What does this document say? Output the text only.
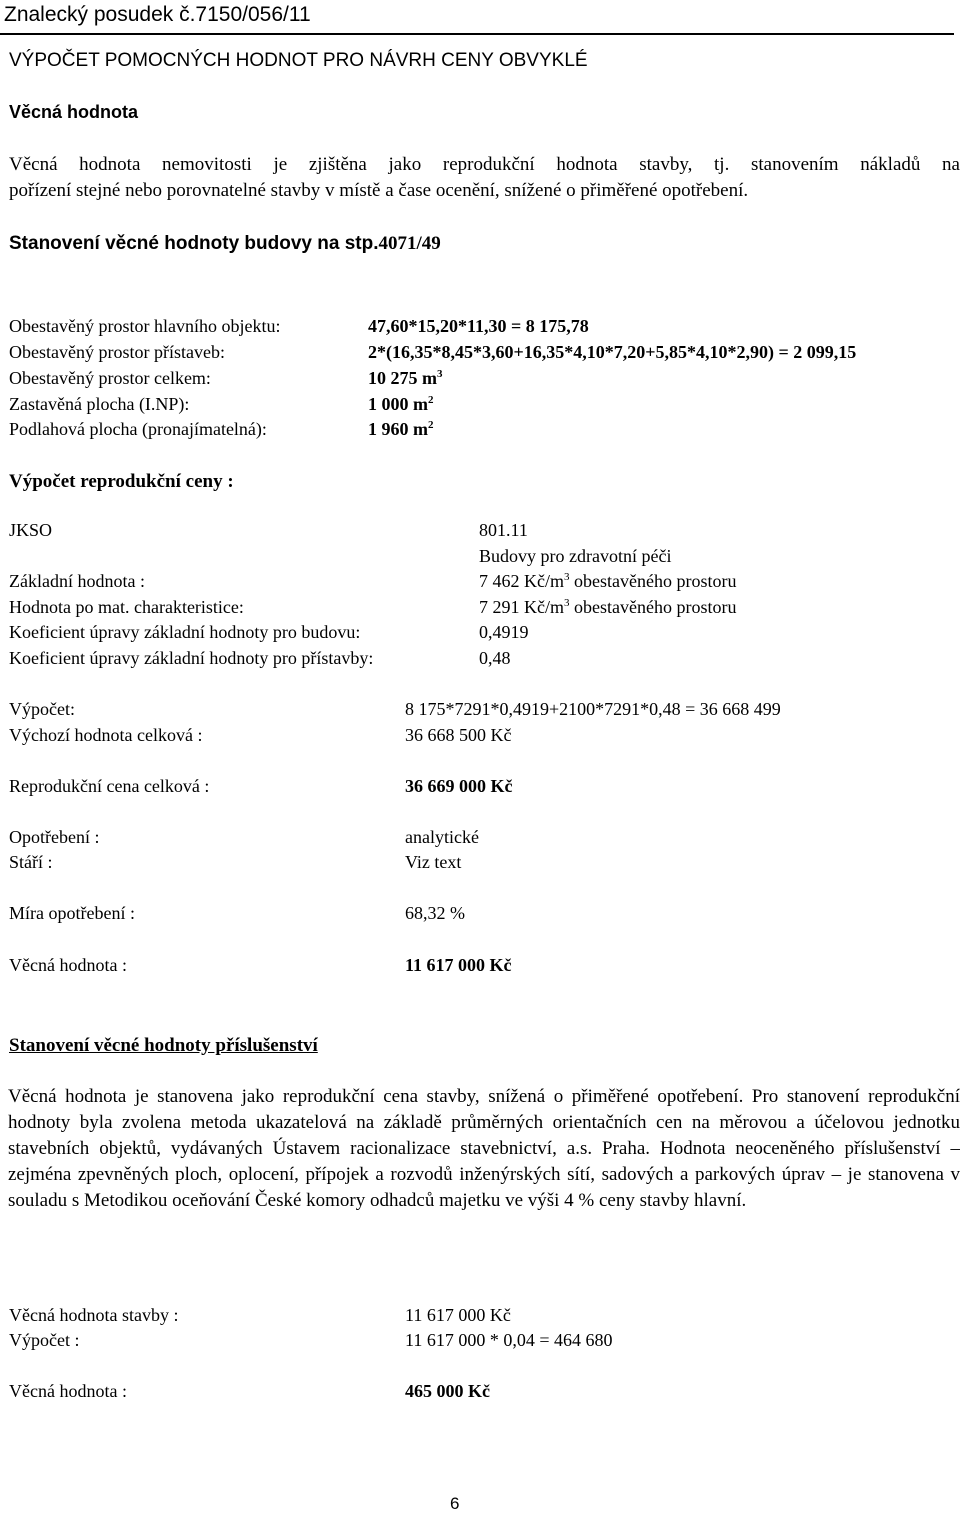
Znalecký posudek č.7150/056/11
VÝPOČET POMOCNÝCH HODNOT PRO NÁVRH CENY OBVYKLÉ
Věcná hodnota
Věcná hodnota nemovitosti je zjištěna jako reprodukční hodnota stavby, tj. stanovením nákladů na
pořízení stejné nebo porovnatelné stavby v místě a čase ocenění, snížené o přiměřené opotřebení.
Stanovení věcné hodnoty budovy na stp.4071/49
Obestavěný prostor hlavního objektu:	47,60*15,20*11,30 = 8 175,78
Obestavěný prostor přístaveb:	2*(16,35*8,45*3,60+16,35*4,10*7,20+5,85*4,10*2,90) = 2 099,15
Obestavěný prostor celkem:	10 275 $m^3$
Zastavěná plocha (I.NP):	1 000 $m^2$
Podlahová plocha (pronajímatelná):	1 960 $m^2$
Výpočet reprodukční ceny :
JKSO	801.11
Budovy pro zdravotní péči
Základní hodnota :	7 462 $Kč/m^3$ obestavěného prostoru
Hodnota po mat. charakteristice:	7 291 $Kč/m^3$ obestavěného prostoru
Koeficient úpravy základní hodnoty pro budovu:	0,4919
Koeficient úpravy základní hodnoty pro přístavby:	0,48
Výpočet:	8 175*7291*0,4919+2100*7291*0,48 = 36 668 499
Výchozí hodnota celková :	36 668 500 Kč
Reprodukční cena celková :	36 669 000 Kč
Opotřebení :	analytické
Stáří :	Viz text
Míra opotřebení :	68,32 %
Věcná hodnota :	11 617 000 Kč
Stanovení věcné hodnoty příslušenství
Věcná hodnota je stanovena jako reprodukční cena stavby, snížená o přiměřené opotřebení. Pro stanovení reprodukční hodnoty byla zvolena metoda ukazatelová na základě průměrných orientačních cen na měrovou a účelovou jednotku stavebních objektů, vydávaných Ústavem racionalizace stavebnictví, a.s. Praha. Hodnota neoceněného příslušenství – zejména zpevněných ploch, oplocení, přípojek a rozvodů inženýrských sítí, sadových a parkových úprav – je stanovena v souladu s Metodikou oceňování České komory odhadců majetku ve výši 4 % ceny stavby hlavní.
Věcná hodnota stavby :	11 617 000 Kč
Výpočet :	11 617 000 * 0,04 = 464 680
Věcná hodnota :	465 000 Kč
6
